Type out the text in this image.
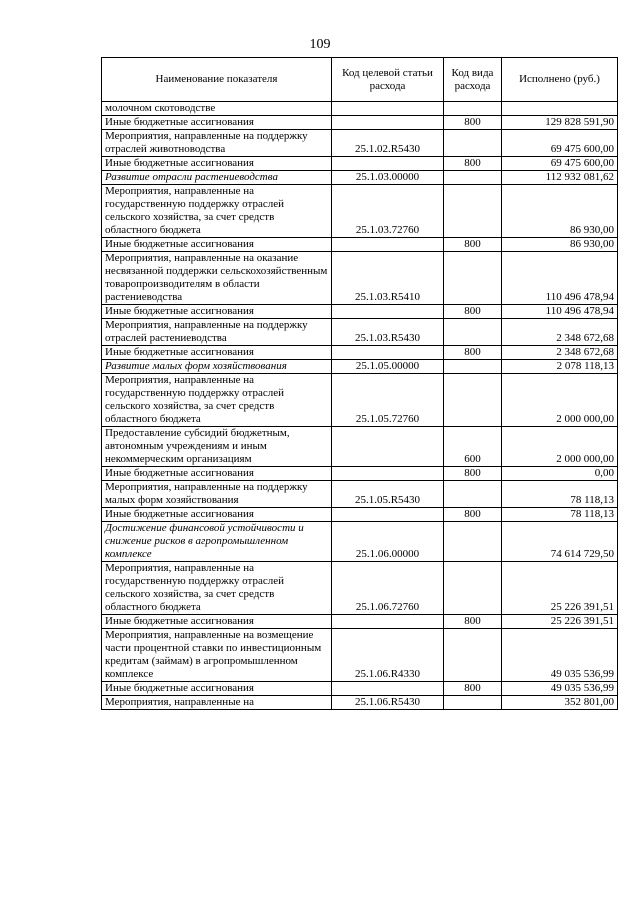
109
Наименование показателя	Код целевой статьи расхода	Код вида расхода	Исполнено (руб.)
молочном скотоводстве			
Иные бюджетные ассигнования		800	129 828 591,90
Мероприятия, направленные на поддержку отраслей животноводства	25.1.02.R5430		69 475 600,00
Иные бюджетные ассигнования		800	69 475 600,00
Развитие отрасли растениеводства	25.1.03.00000		112 932 081,62
Мероприятия, направленные на государственную поддержку отраслей сельского хозяйства, за счет средств областного бюджета	25.1.03.72760		86 930,00
Иные бюджетные ассигнования		800	86 930,00
Мероприятия, направленные на оказание несвязанной поддержки сельскохозяйственным товаропроизводителям в области растениеводства	25.1.03.R5410		110 496 478,94
Иные бюджетные ассигнования		800	110 496 478,94
Мероприятия, направленные на поддержку отраслей растениеводства	25.1.03.R5430		2 348 672,68
Иные бюджетные ассигнования		800	2 348 672,68
Развитие малых форм хозяйствования	25.1.05.00000		2 078 118,13
Мероприятия, направленные на государственную поддержку отраслей сельского хозяйства, за счет средств областного бюджета	25.1.05.72760		2 000 000,00
Предоставление субсидий бюджетным, автономным учреждениям и иным некоммерческим организациям		600	2 000 000,00
Иные бюджетные ассигнования		800	0,00
Мероприятия, направленные на поддержку малых форм хозяйствования	25.1.05.R5430		78 118,13
Иные бюджетные ассигнования		800	78 118,13
Достижение финансовой устойчивости и снижение рисков в агропромышленном комплексе	25.1.06.00000		74 614 729,50
Мероприятия, направленные на государственную поддержку отраслей сельского хозяйства, за счет средств областного бюджета	25.1.06.72760		25 226 391,51
Иные бюджетные ассигнования		800	25 226 391,51
Мероприятия, направленные на возмещение части процентной ставки по инвестиционным кредитам (займам) в агропромышленном комплексе	25.1.06.R4330		49 035 536,99
Иные бюджетные ассигнования		800	49 035 536,99
Мероприятия, направленные на	25.1.06.R5430		352 801,00
